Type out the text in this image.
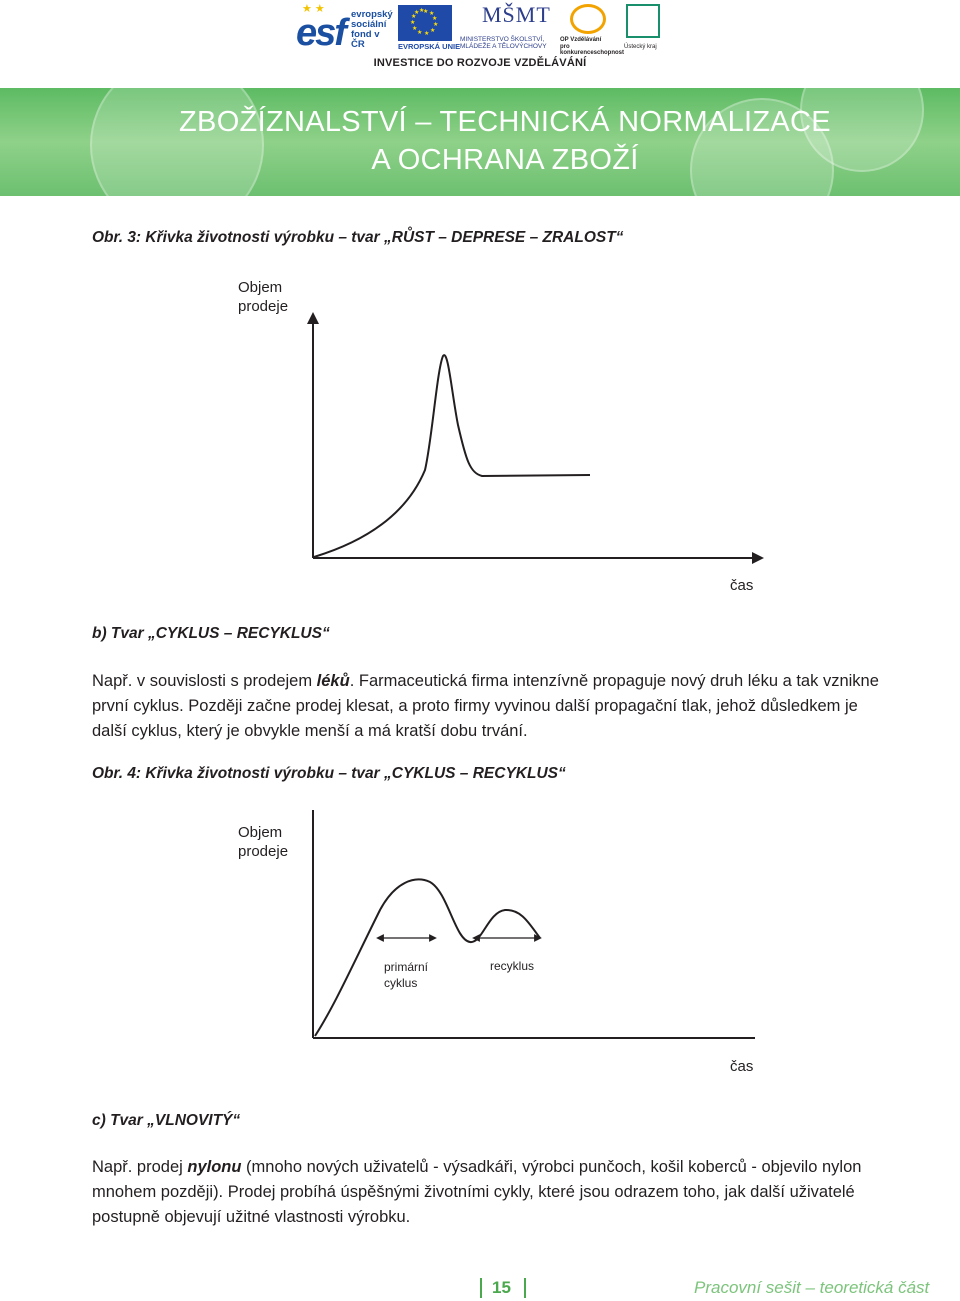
★ ★
esf evropský
sociální
fond v ČR
★ ★
★
★
★
★
★
★
★
★
★ ★
EVROPSKÁ UNIE
MŠMT
MINISTERSTVO ŠKOLSTVÍ,
MLÁDEŽE A TĚLOVÝCHOVY
OP Vzdělávání
pro konkurenceschopnost
Ústecký kraj
INVESTICE DO ROZVOJE VZDĚLÁVÁNÍ
ZBOŽÍZNALSTVÍ – TECHNICKÁ NORMALIZACE
A OCHRANA ZBOŽÍ
Obr. 3: Křivka životnosti výrobku – tvar „RŮST – DEPRESE – ZRALOST“
Objem
prodeje
čas
b) Tvar „CYKLUS – RECYKLUS“
Např. v souvislosti s prodejem léků. Farmaceutická firma intenzívně propaguje nový druh léku a tak vznikne
první cyklus. Později začne prodej klesat, a proto firmy vyvinou další propagační tlak, jehož důsledkem je
další cyklus, který je obvykle menší a má kratší dobu trvání.
Obr. 4: Křivka životnosti výrobku – tvar „CYKLUS – RECYKLUS“
Objem
prodeje
primární
cyklus
recyklus
čas
c) Tvar „VLNOVITÝ“
Např. prodej nylonu (mnoho nových uživatelů - výsadkáři, výrobci punčoch, košil koberců - objevilo nylon
mnohem později). Prodej probíhá úspěšnými životními cykly, které jsou odrazem toho, jak další uživatelé
postupně objevují užitné vlastnosti výrobku.
15	Pracovní sešit – teoretická část
